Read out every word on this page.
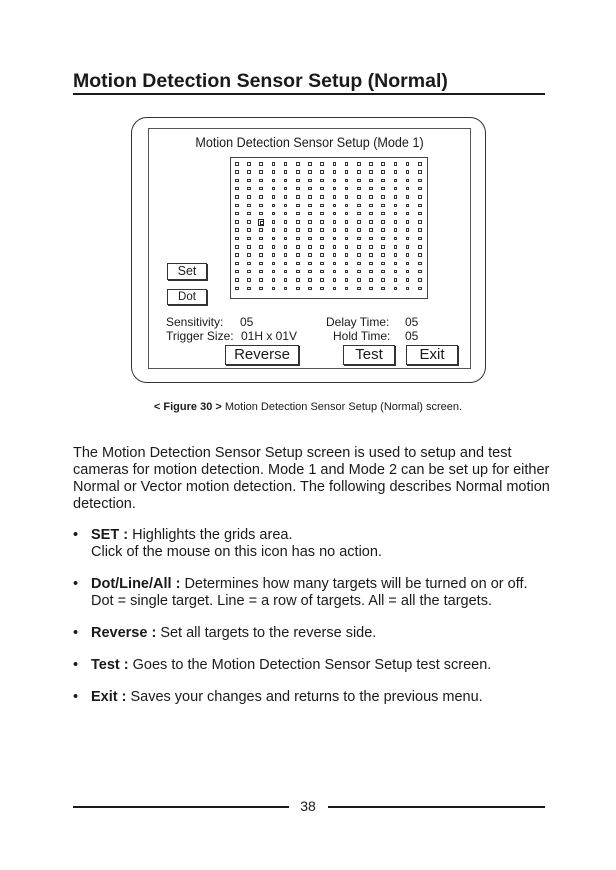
Motion Detection Sensor Setup (Normal)
Motion Detection Sensor Setup (Mode 1)
Set
Dot
Sensitivity: 05
Trigger Size: 01H x 01V
Delay Time: 05
Hold Time: 05
Reverse	Test	Exit
< Figure 30 > Motion Detection Sensor Setup (Normal) screen.
The Motion Detection Sensor Setup screen is used to setup and test cameras for motion detection. Mode 1 and Mode 2 can be set up for either Normal or Vector motion detection. The following describes Normal motion detection.
• SET : Highlights the grids area.
Click of the mouse on this icon has no action.
• Dot/Line/All : Determines how many targets will be turned on or off.
Dot = single target. Line = a row of targets. All = all the targets.
• Reverse : Set all targets to the reverse side.
• Test : Goes to the Motion Detection Sensor Setup test screen.
• Exit : Saves your changes and returns to the previous menu.
38
